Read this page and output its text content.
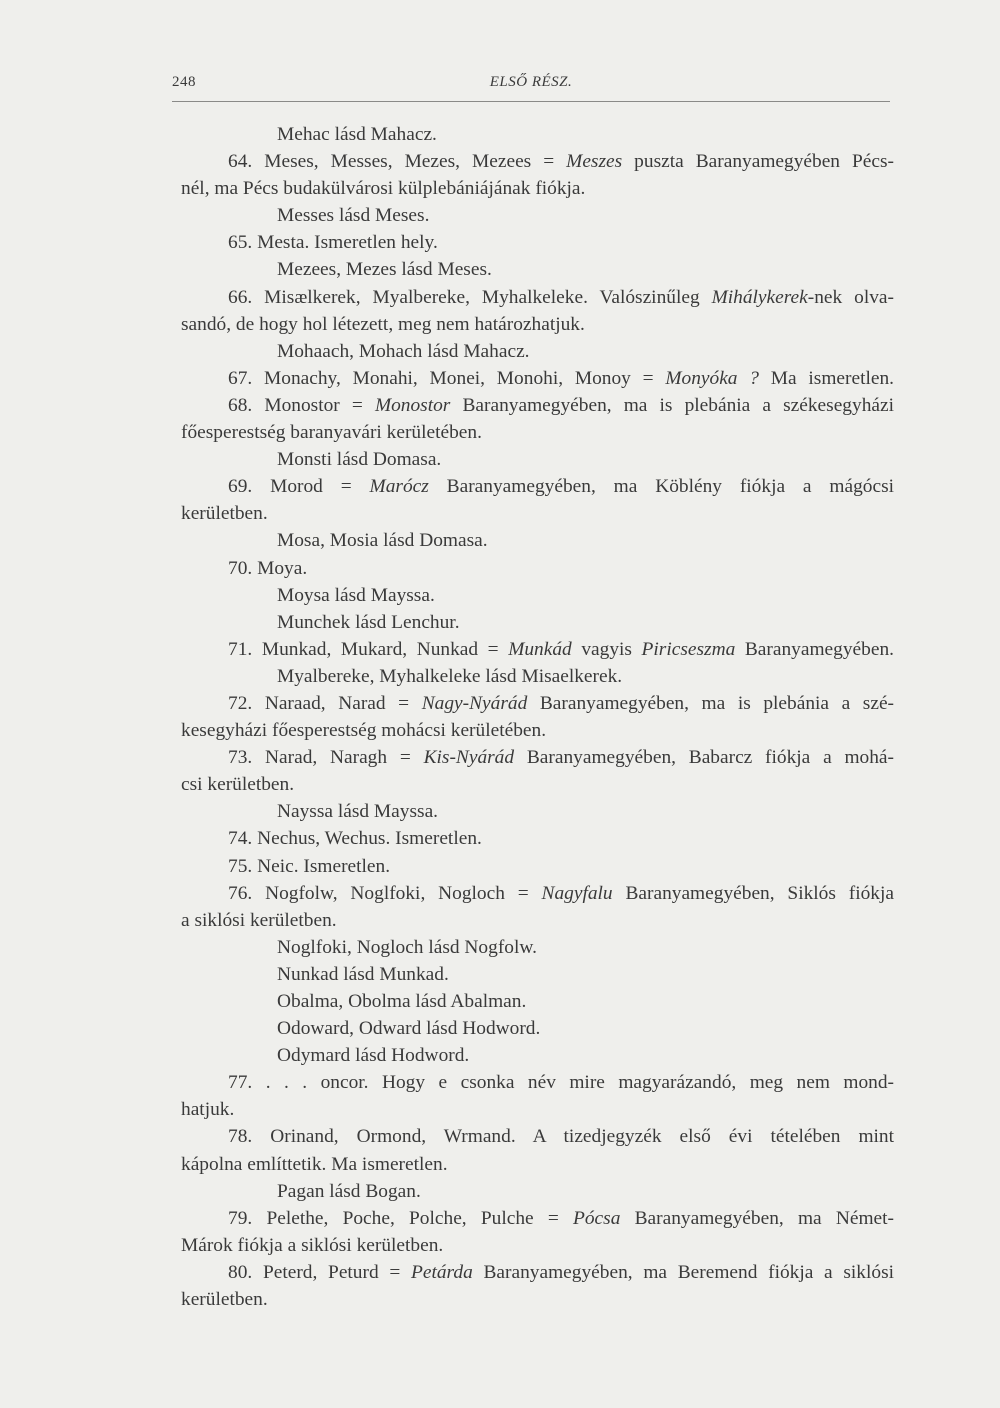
248	ELSŐ RÉSZ.
Mehac lásd Mahacz.
64. Meses, Messes, Mezes, Mezees = Meszes puszta Baranyamegyében Pécs-
nél, ma Pécs budakülvárosi külplebániájának fiókja.
Messes lásd Meses.
65. Mesta. Ismeretlen hely.
Mezees, Mezes lásd Meses.
66. Misælkerek, Myalbereke, Myhalkeleke. Valószinűleg Mihálykerek-nek olva-
sandó, de hogy hol létezett, meg nem határozhatjuk.
Mohaach, Mohach lásd Mahacz.
67. Monachy, Monahi, Monei, Monohi, Monoy = Monyóka ? Ma ismeretlen.
68. Monostor = Monostor Baranyamegyében, ma is plebánia a székesegyházi
főesperestség baranyavári kerületében.
Monsti lásd Domasa.
69. Morod = Marócz Baranyamegyében, ma Köblény fiókja a mágócsi
kerületben.
Mosa, Mosia lásd Domasa.
70. Moya.
Moysa lásd Mayssa.
Munchek lásd Lenchur.
71. Munkad, Mukard, Nunkad = Munkád vagyis Piricseszma Baranyamegyében.
Myalbereke, Myhalkeleke lásd Misaelkerek.
72. Naraad, Narad = Nagy-Nyárád Baranyamegyében, ma is plebánia a szé-
kesegyházi főesperestség mohácsi kerületében.
73. Narad, Naragh = Kis-Nyárád Baranyamegyében, Babarcz fiókja a mohá-
csi kerületben.
Nayssa lásd Mayssa.
74. Nechus, Wechus. Ismeretlen.
75. Neic. Ismeretlen.
76. Nogfolw, Noglfoki, Nogloch = Nagyfalu Baranyamegyében, Siklós fiókja
a siklósi kerületben.
Noglfoki, Nogloch lásd Nogfolw.
Nunkad lásd Munkad.
Obalma, Obolma lásd Abalman.
Odoward, Odward lásd Hodword.
Odymard lásd Hodword.
77. . . . oncor. Hogy e csonka név mire magyarázandó, meg nem mond-
hatjuk.
78. Orinand, Ormond, Wrmand. A tizedjegyzék első évi tételében mint
kápolna említtetik. Ma ismeretlen.
Pagan lásd Bogan.
79. Pelethe, Poche, Polche, Pulche = Pócsa Baranyamegyében, ma Német-
Márok fiókja a siklósi kerületben.
80. Peterd, Peturd = Petárda Baranyamegyében, ma Beremend fiókja a siklósi
kerületben.
